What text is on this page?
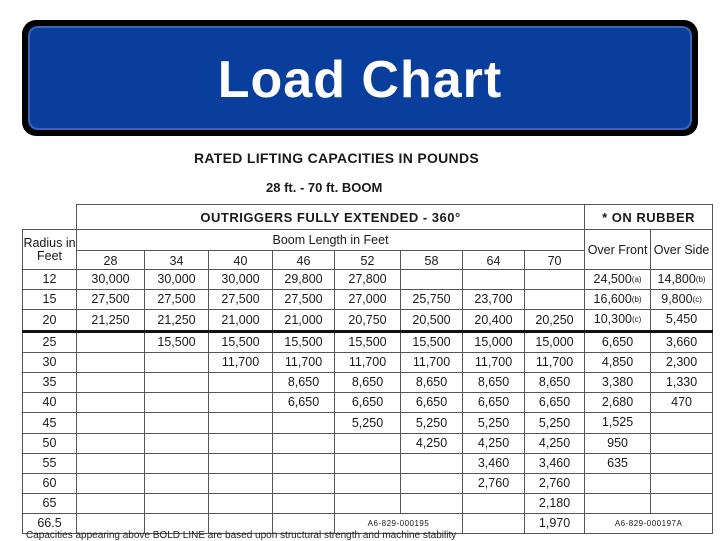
Load Chart
RATED LIFTING CAPACITIES IN POUNDS
28 ft. - 70 ft. BOOM
	OUTRIGGERS FULLY EXTENDED - 360°								* ON RUBBER	
Radius in Feet	Boom Length in Feet								Over Front	Over Side
	28	34	40	46	52	58	64	70		
12	30,000	30,000	30,000	29,800	27,800				24,500(a)	14,800(b)
15	27,500	27,500	27,500	27,500	27,000	25,750	23,700		16,600(b)	9,800(c)
20	21,250	21,250	21,000	21,000	20,750	20,500	20,400	20,250	10,300(c)	5,450
25		15,500	15,500	15,500	15,500	15,500	15,000	15,000	6,650	3,660
30			11,700	11,700	11,700	11,700	11,700	11,700	4,850	2,300
35				8,650	8,650	8,650	8,650	8,650	3,380	1,330
40				6,650	6,650	6,650	6,650	6,650	2,680	470
45					5,250	5,250	5,250	5,250	1,525	
50						4,250	4,250	4,250	950	
55							3,460	3,460	635	
60							2,760	2,760		
65								2,180		
66.5					A6-829-000195			1,970	A6-829-000197A	
Capacities appearing above BOLD LINE are based upon structural strength and machine stability
